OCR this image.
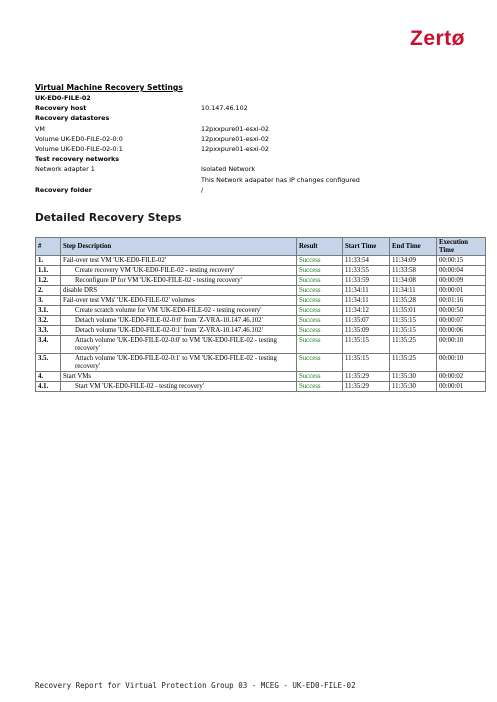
Zertø
Virtual Machine Recovery Settings
UK-ED0-FILE-02
Recovery host	10.147.46.102
Recovery datastores
VM	12pxxpure01-esxi-02
Volume UK-ED0-FILE-02-0:0	12pxxpure01-esxi-02
Volume UK-ED0-FILE-02-0:1	12pxxpure01-esxi-02
Test recovery networks
Network adapter 1	Isolated Network
This Network adapater has IP changes configured
Recovery folder	/
Detailed Recovery Steps
#	Step Description	Result	Start Time	End Time	Execution Time
1.	Fail-over test VM 'UK-ED0-FILE-02'	Success	11:33:54	11:34:09	00:00:15
1.1.	Create recovery VM 'UK-ED0-FILE-02 - testing recovery'	Success	11:33:55	11:33:58	00:00:04
1.2.	Reconfigure IP for VM 'UK-ED0-FILE-02 - testing recovery'	Success	11:33:59	11:34:08	00:00:09
2.	disable DRS	Success	11:34:11	11:34:11	00:00:01
3.	Fail-over test VMs' 'UK-ED0-FILE-02' volumes	Success	11:34:11	11:35:28	00:01:16
3.1.	Create scratch volume for VM 'UK-ED0-FILE-02 - testing recovery'	Success	11:34:12	11:35:01	00:00:50
3.2.	Detach volume 'UK-ED0-FILE-02-0:0' from 'Z-VRA-10.147.46.102'	Success	11:35:07	11:35:15	00:00:07
3.3.	Detach volume 'UK-ED0-FILE-02-0:1' from 'Z-VRA-10.147.46.102'	Success	11:35:09	11:35:15	00:00:06
3.4.	Attach volume 'UK-ED0-FILE-02-0:0' to VM 'UK-ED0-FILE-02 - testing recovery'	Success	11:35:15	11:35:25	00:00:10
3.5.	Attach volume 'UK-ED0-FILE-02-0:1' to VM 'UK-ED0-FILE-02 - testing recovery'	Success	11:35:15	11:35:25	00:00:10
4.	Start VMs	Success	11:35:29	11:35:30	00:00:02
4.1.	Start VM 'UK-ED0-FILE-02 - testing recovery'	Success	11:35:29	11:35:30	00:00:01
Recovery Report for Virtual Protection Group 03 - MCEG - UK-ED0-FILE-02
